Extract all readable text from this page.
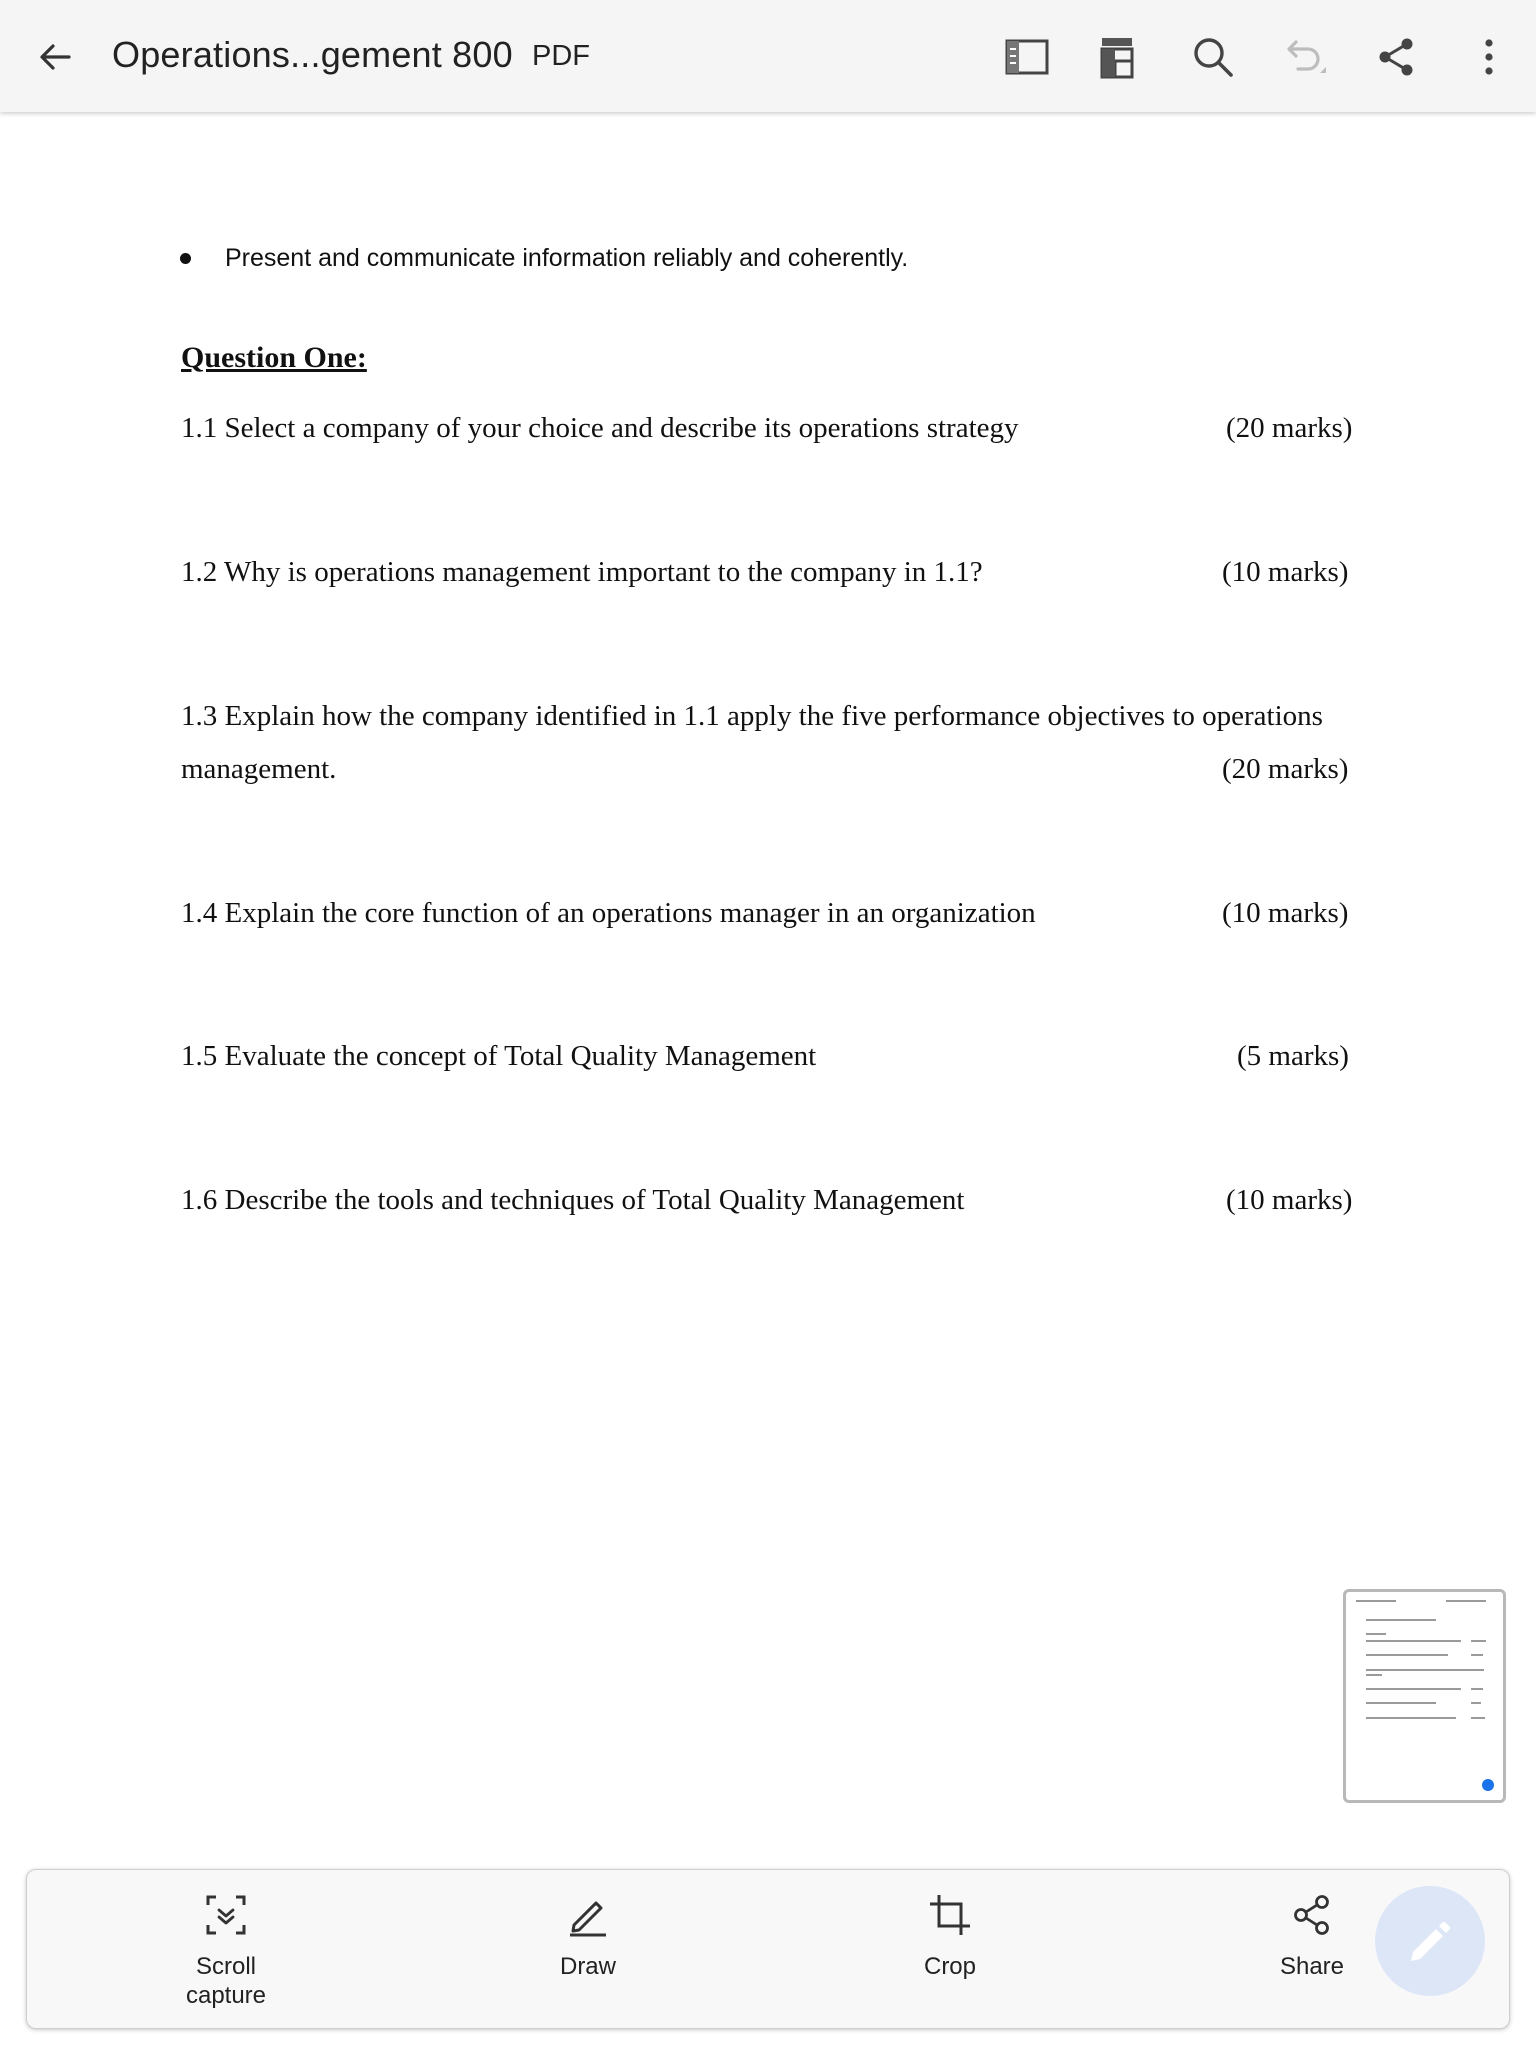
Operations...gement 800 PDF
Present and communicate information reliably and coherently.
Question One:
1.1 Select a company of your choice and describe its operations strategy	(20 marks)
1.2 Why is operations management important to the company in 1.1?	(10 marks)
1.3 Explain how the company identified in 1.1 apply the five performance objectives to operations
management.	(20 marks)
1.4 Explain the core function of an operations manager in an organization	(10 marks)
1.5 Evaluate the concept of Total Quality Management	(5 marks)
1.6 Describe the tools and techniques of Total Quality Management	(10 marks)
Scroll
capture
Draw	Crop	Share
